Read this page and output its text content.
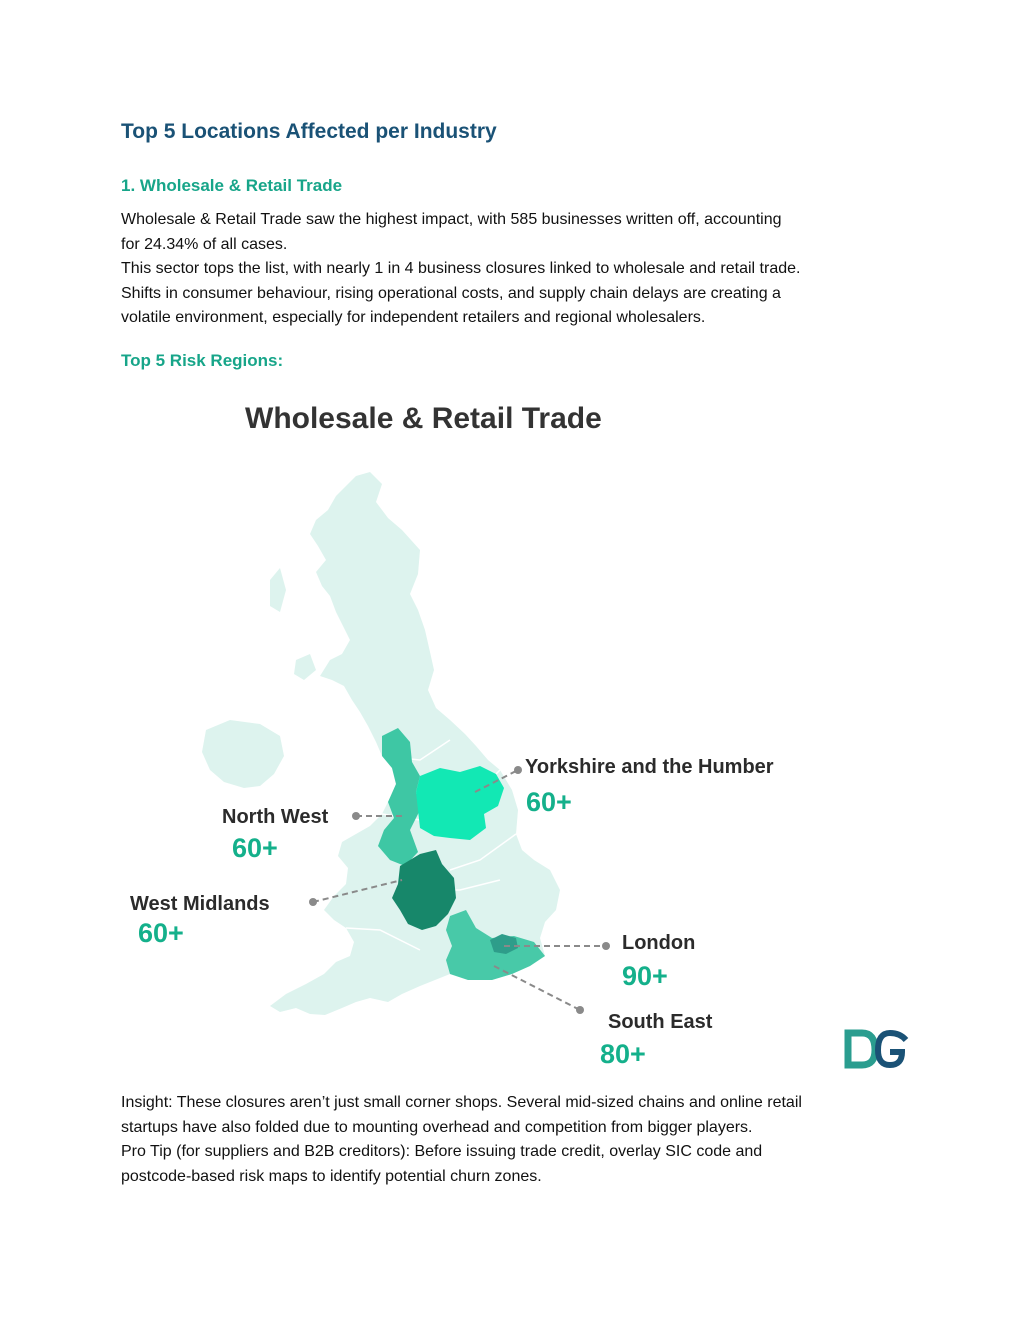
Top 5 Locations Affected per Industry
1. Wholesale & Retail Trade

Wholesale & Retail Trade saw the highest impact, with 585 businesses written off, accounting
for 24.34% of all cases.
This sector tops the list, with nearly 1 in 4 business closures linked to wholesale and retail trade.
Shifts in consumer behaviour, rising operational costs, and supply chain delays are creating a
volatile environment, especially for independent retailers and regional wholesalers.

Top 5 Risk Regions:
Wholesale & Retail Trade
Yorkshire and the Humber
60+
North West
60+
West Midlands
60+	London
90+
South East
80+

Insight: These closures aren’t just small corner shops. Several mid-sized chains and online retail
startups have also folded due to mounting overhead and competition from bigger players.
Pro Tip (for suppliers and B2B creditors): Before issuing trade credit, overlay SIC code and
postcode-based risk maps to identify potential churn zones.
